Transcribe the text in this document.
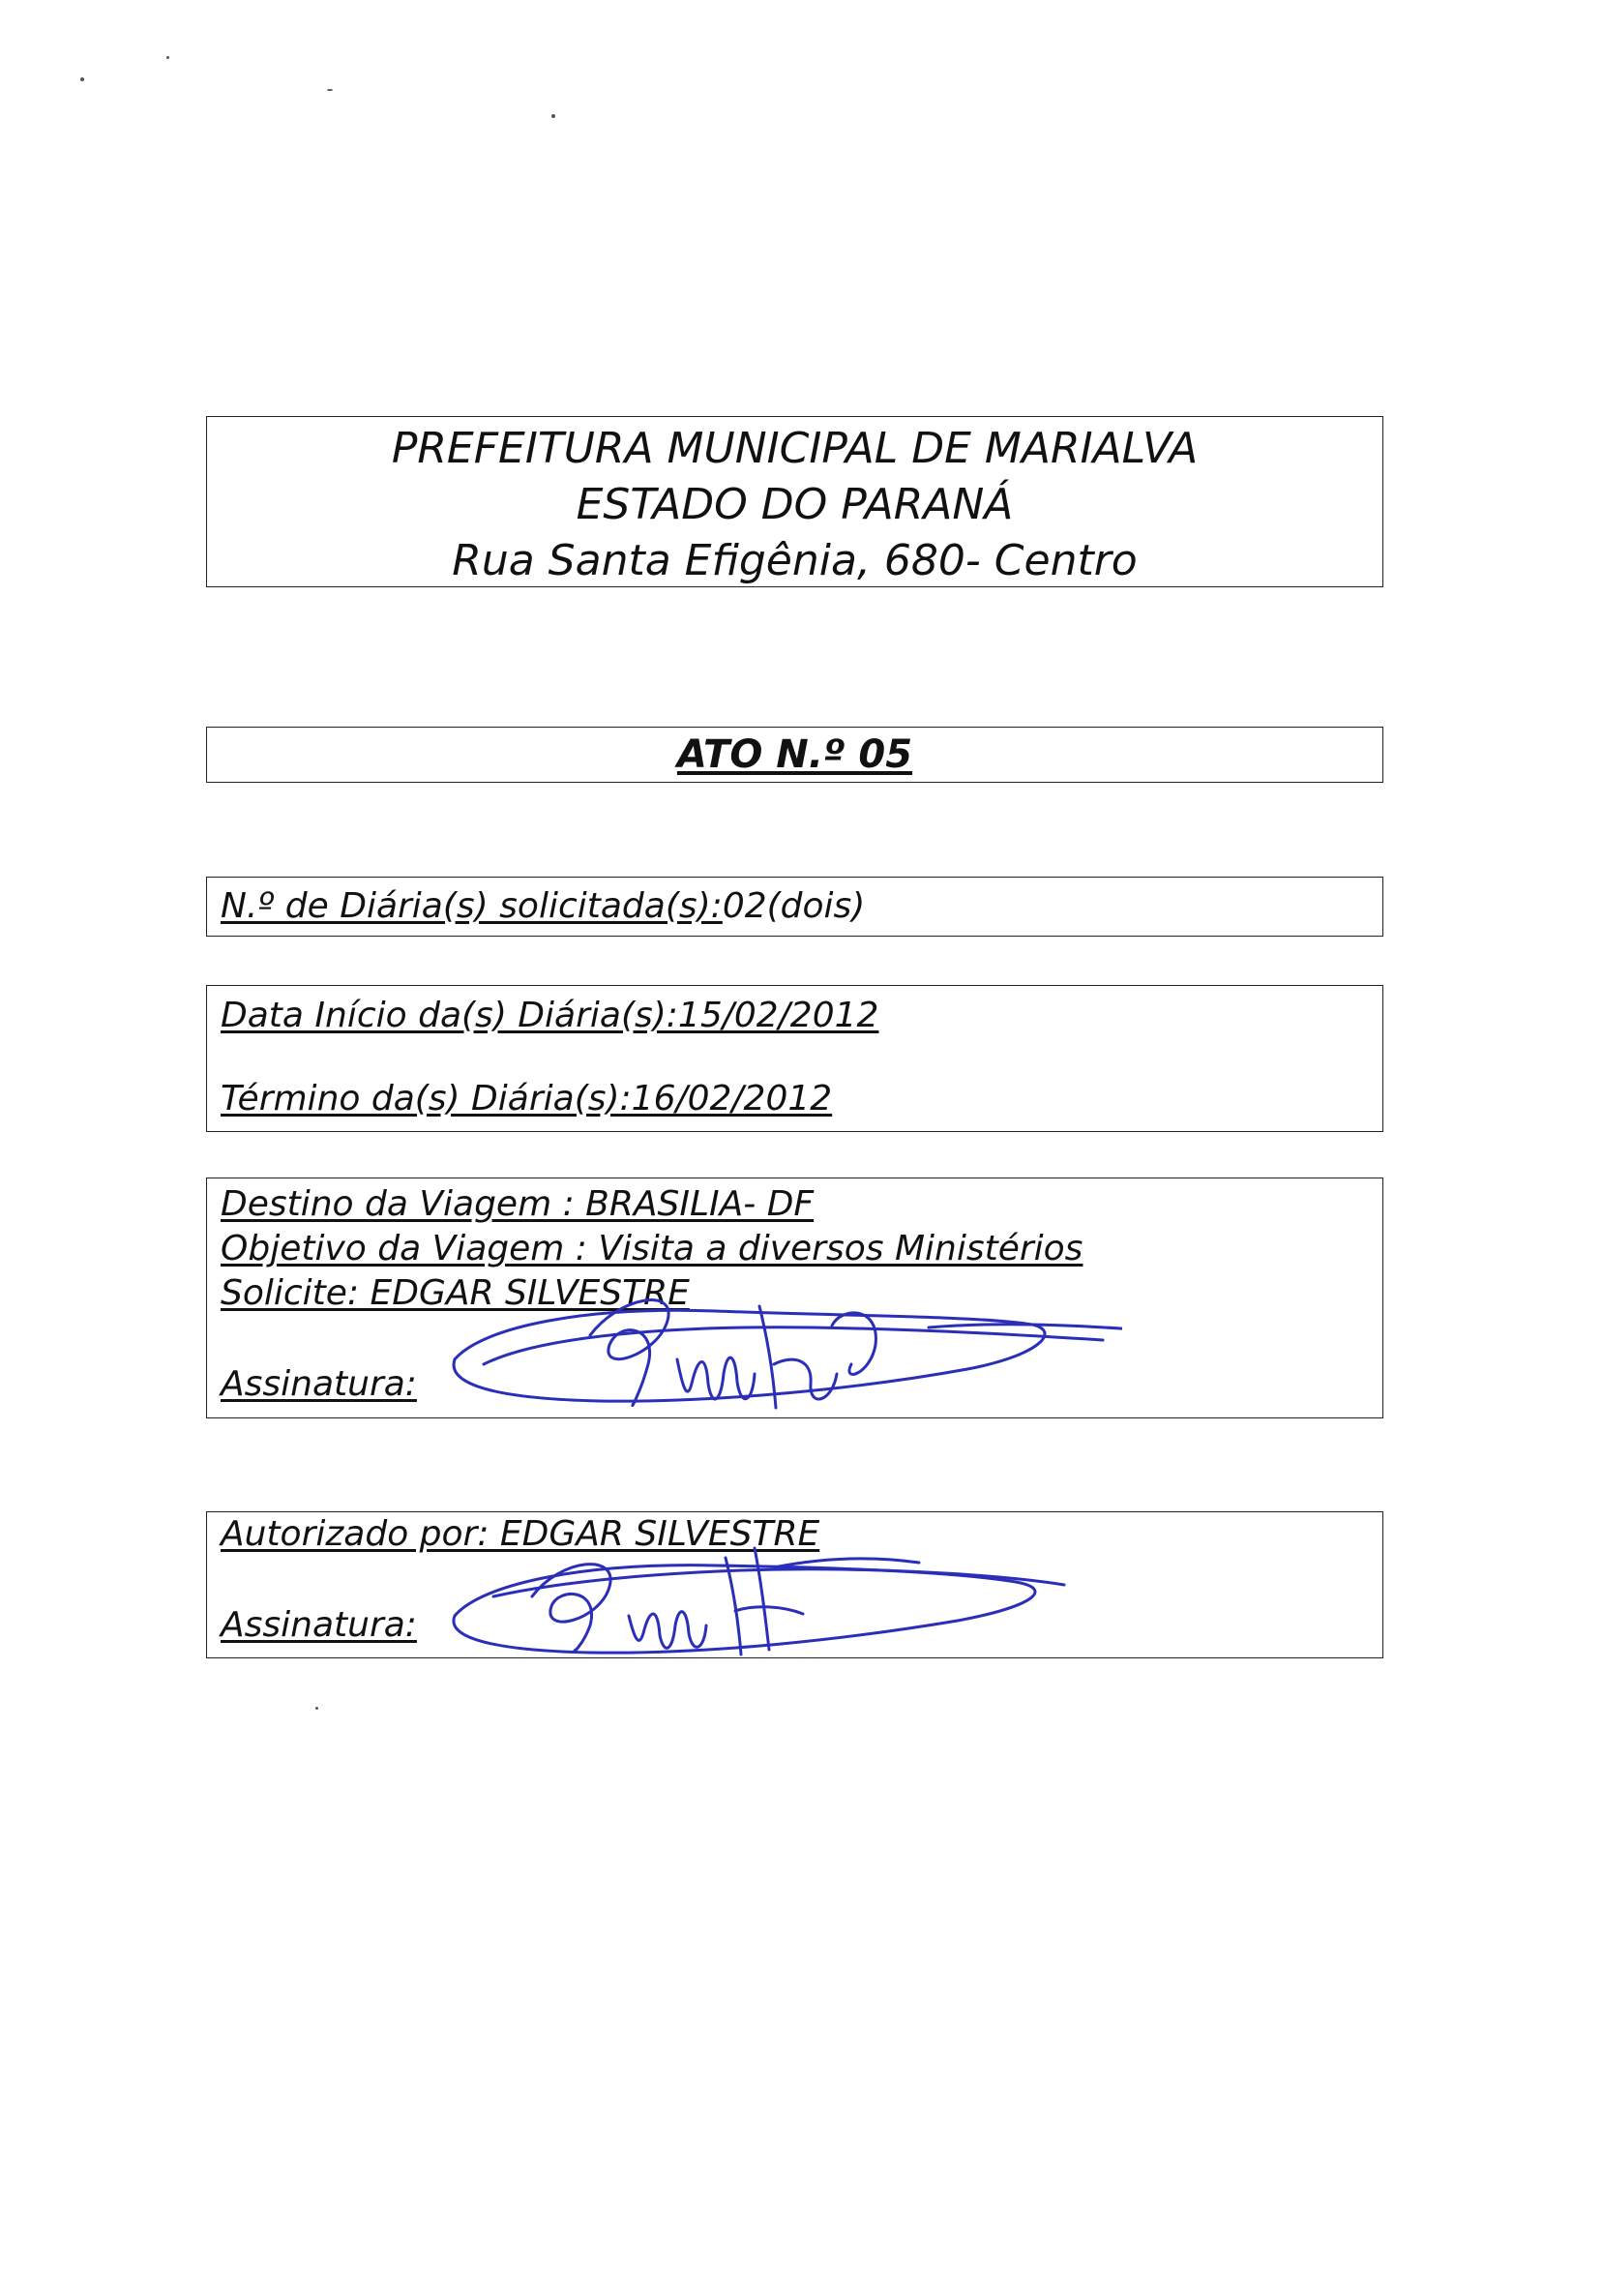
PREFEITURA MUNICIPAL DE MARIALVA
ESTADO DO PARANÁ
Rua Santa Efigênia, 680- Centro
ATO N.º 05
N.º de Diária(s) solicitada(s):02(dois)
Data Início da(s) Diária(s):15/02/2012
Término da(s) Diária(s):16/02/2012
Destino da Viagem : BRASILIA- DF
Objetivo da Viagem : Visita a diversos Ministérios
Solicite: EDGAR SILVESTRE
Assinatura:
Autorizado por: EDGAR SILVESTRE
Assinatura:
